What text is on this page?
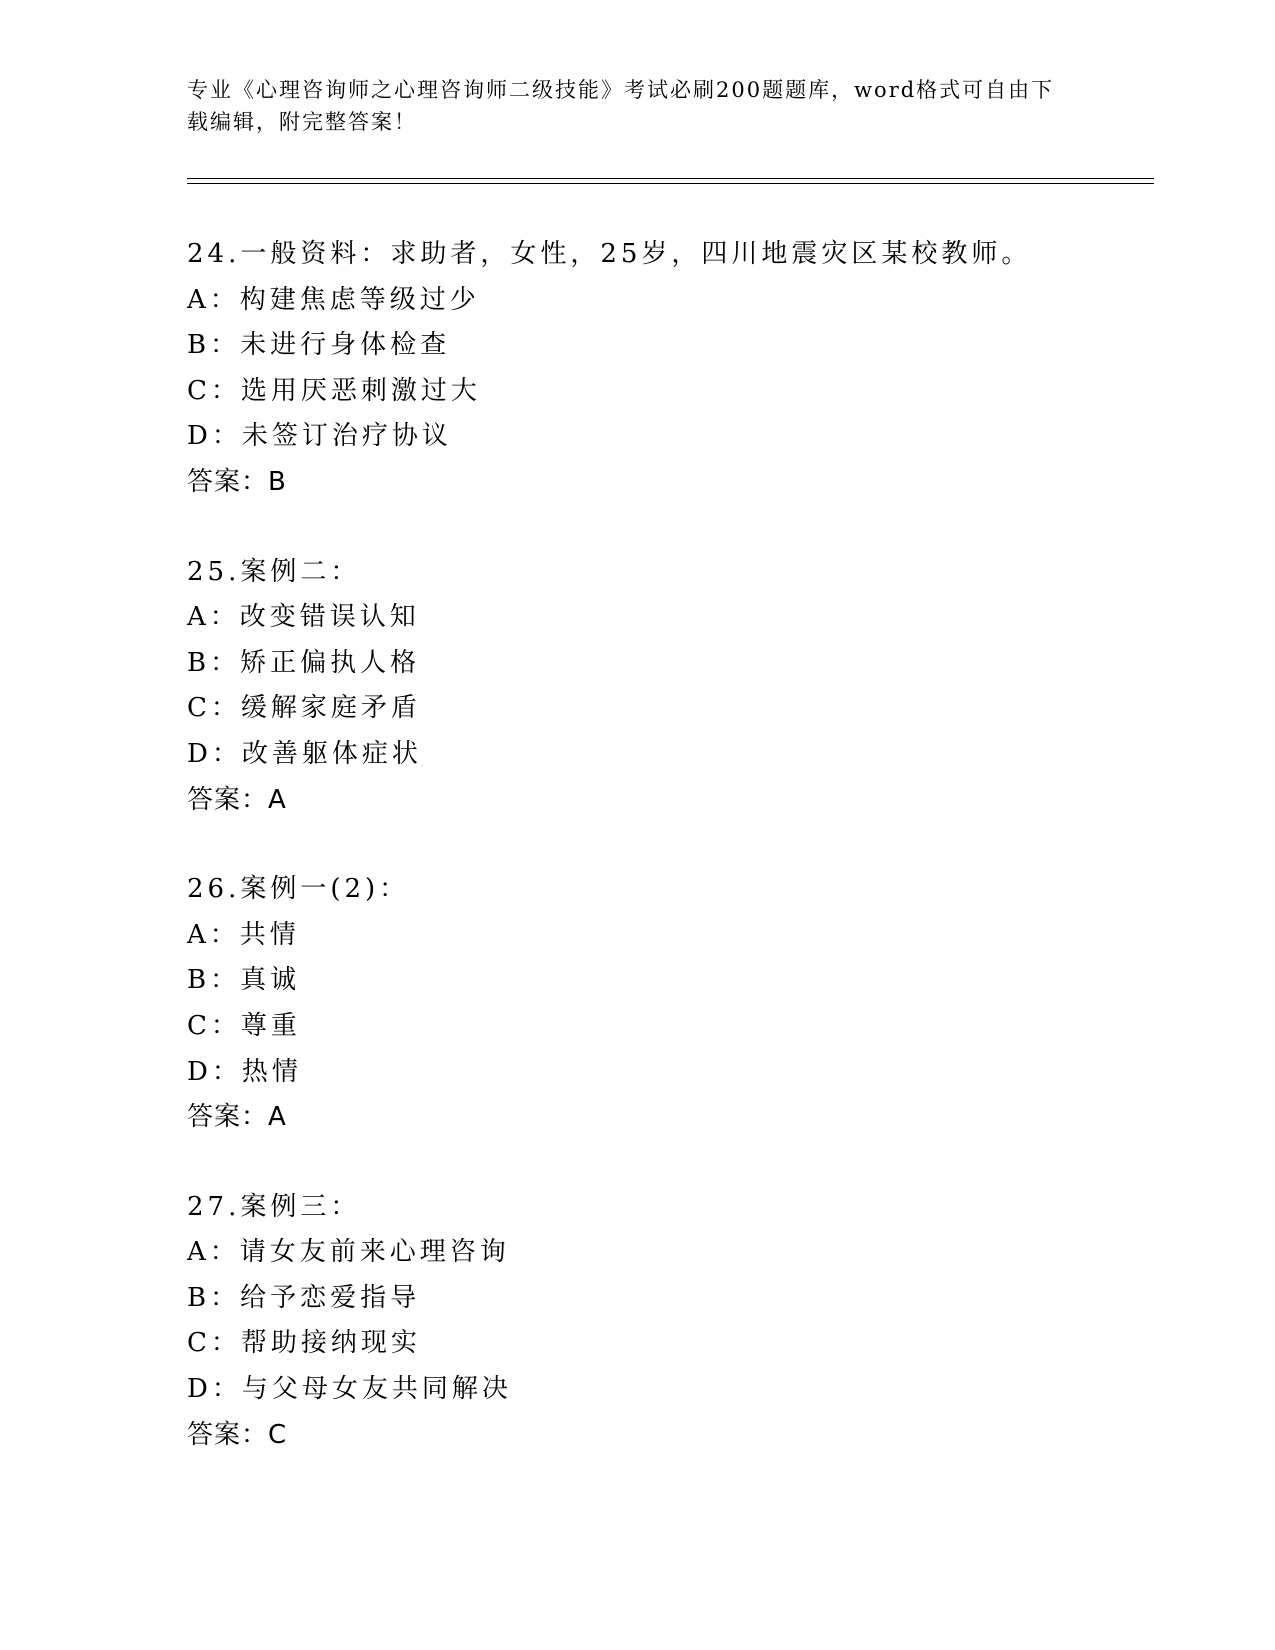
专业《心理咨询师之心理咨询师二级技能》考试必刷200题题库，word格式可自由下载编辑，附完整答案！
24.一般资料：求助者，女性，25岁，四川地震灾区某校教师。
A：构建焦虑等级过少
B：未进行身体检查
C：选用厌恶刺激过大
D：未签订治疗协议
答案：B
25.案例二：
A：改变错误认知
B：矫正偏执人格
C：缓解家庭矛盾
D：改善躯体症状
答案：A
26.案例一(2)：
A：共情
B：真诚
C：尊重
D：热情
答案：A
27.案例三：
A：请女友前来心理咨询
B：给予恋爱指导
C：帮助接纳现实
D：与父母女友共同解决
答案：C
